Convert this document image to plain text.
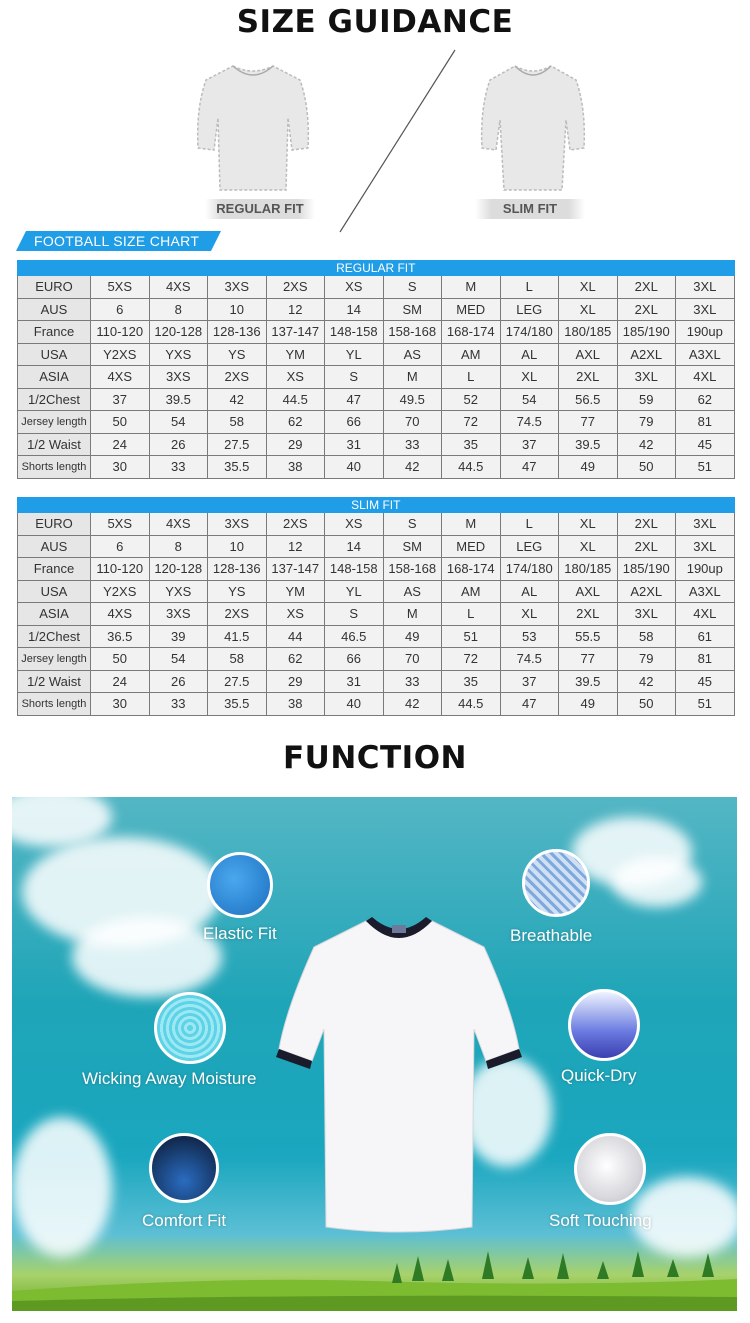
SIZE GUIDANCE
REGULAR FIT	SLIM FIT
FOOTBALL SIZE CHART
REGULAR FIT											
EURO	5XS	4XS	3XS	2XS	XS	S	M	L	XL	2XL	3XL
AUS	6	8	10	12	14	SM	MED	LEG	XL	2XL	3XL
France	110-120	120-128	128-136	137-147	148-158	158-168	168-174	174/180	180/185	185/190	190up
USA	Y2XS	YXS	YS	YM	YL	AS	AM	AL	AXL	A2XL	A3XL
ASIA	4XS	3XS	2XS	XS	S	M	L	XL	2XL	3XL	4XL
1/2Chest	37	39.5	42	44.5	47	49.5	52	54	56.5	59	62
Jersey length	50	54	58	62	66	70	72	74.5	77	79	81
1/2 Waist	24	26	27.5	29	31	33	35	37	39.5	42	45
Shorts length	30	33	35.5	38	40	42	44.5	47	49	50	51
SLIM FIT											
EURO	5XS	4XS	3XS	2XS	XS	S	M	L	XL	2XL	3XL
AUS	6	8	10	12	14	SM	MED	LEG	XL	2XL	3XL
France	110-120	120-128	128-136	137-147	148-158	158-168	168-174	174/180	180/185	185/190	190up
USA	Y2XS	YXS	YS	YM	YL	AS	AM	AL	AXL	A2XL	A3XL
ASIA	4XS	3XS	2XS	XS	S	M	L	XL	2XL	3XL	4XL
1/2Chest	36.5	39	41.5	44	46.5	49	51	53	55.5	58	61
Jersey length	50	54	58	62	66	70	72	74.5	77	79	81
1/2 Waist	24	26	27.5	29	31	33	35	37	39.5	42	45
Shorts length	30	33	35.5	38	40	42	44.5	47	49	50	51
FUNCTION
Elastic Fit	Breathable
Wicking Away Moisture	Quick-Dry
Comfort Fit	Soft Touching
